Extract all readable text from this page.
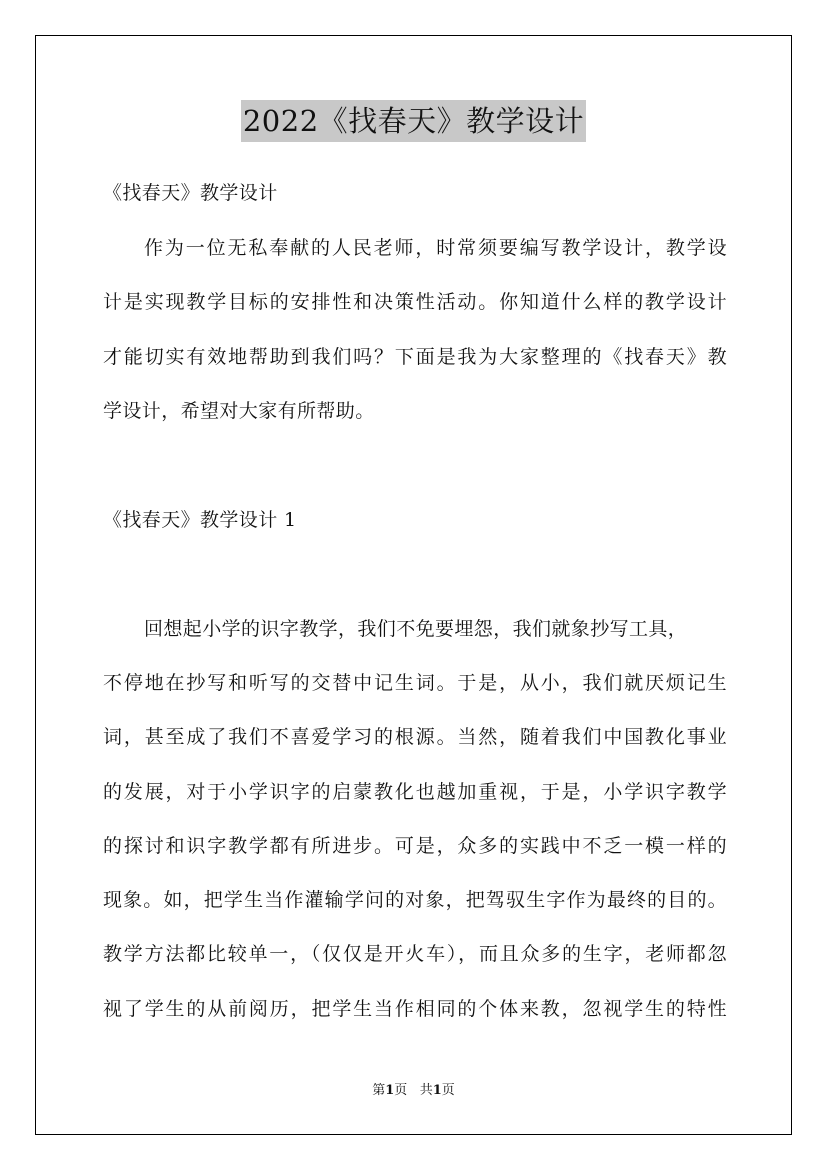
2022《找春天》教学设计
《找春天》教学设计
作为一位无私奉献的人民老师，时常须要编写教学设计，教学设
计是实现教学目标的安排性和决策性活动。你知道什么样的教学设计
才能切实有效地帮助到我们吗？下面是我为大家整理的《找春天》教
学设计，希望对大家有所帮助。
《找春天》教学设计 1
回想起小学的识字教学，我们不免要埋怨，我们就象抄写工具，
不停地在抄写和听写的交替中记生词。于是，从小，我们就厌烦记生
词，甚至成了我们不喜爱学习的根源。当然，随着我们中国教化事业
的发展，对于小学识字的启蒙教化也越加重视，于是，小学识字教学
的探讨和识字教学都有所进步。可是，众多的实践中不乏一模一样的
现象。如，把学生当作灌输学问的对象，把驾驭生字作为最终的目的。
教学方法都比较单一，（仅仅是开火车），而且众多的生字，老师都忽
视了学生的从前阅历，把学生当作相同的个体来教，忽视学生的特性
第1页 共1页
